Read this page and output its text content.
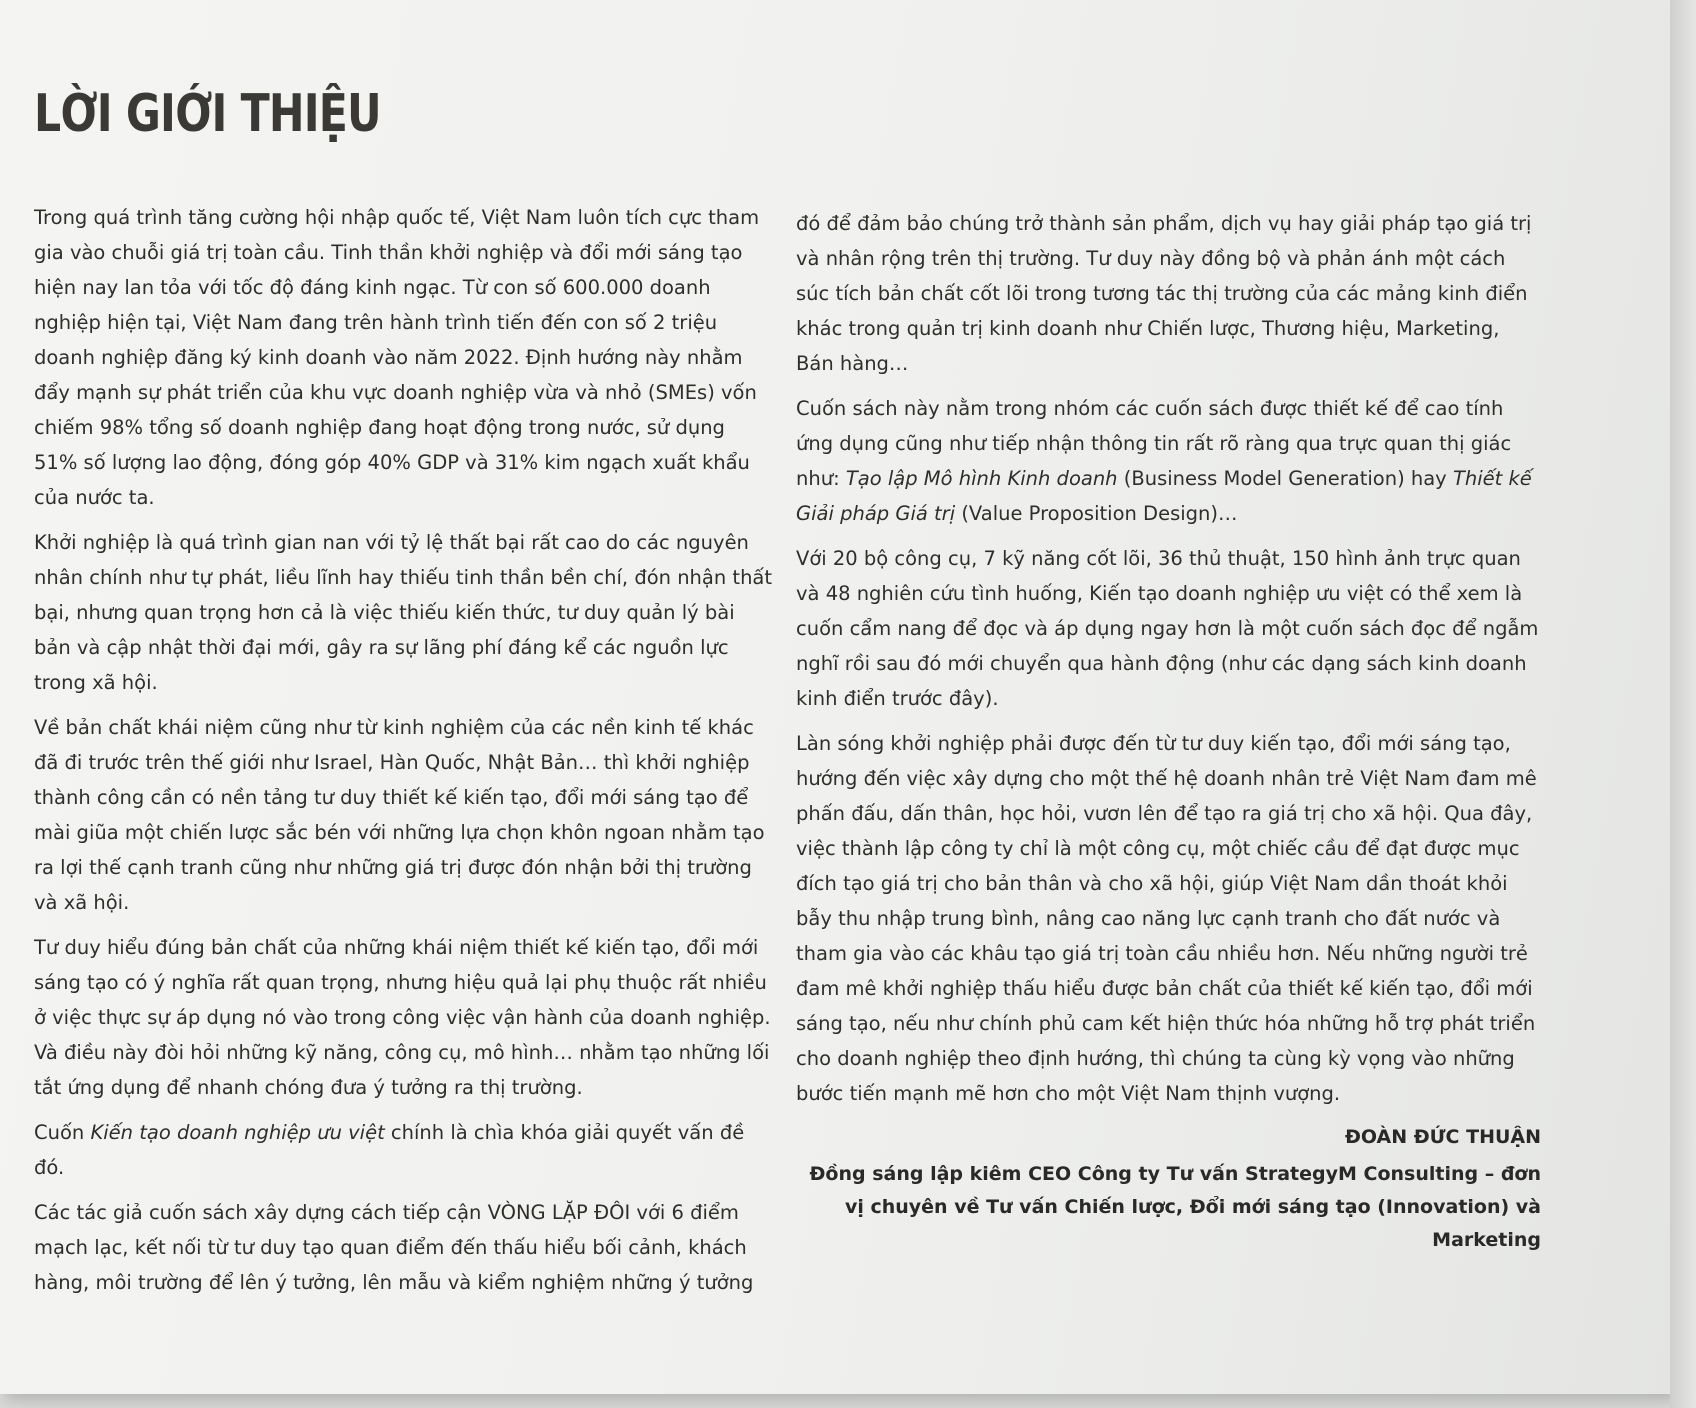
LỜI GIỚI THIỆU

Trong quá trình tăng cường hội nhập quốc tế, Việt Nam luôn tích cực tham gia vào chuỗi giá trị toàn cầu. Tinh thần khởi nghiệp và đổi mới sáng tạo hiện nay lan tỏa với tốc độ đáng kinh ngạc. Từ con số 600.000 doanh nghiệp hiện tại, Việt Nam đang trên hành trình tiến đến con số 2 triệu doanh nghiệp đăng ký kinh doanh vào năm 2022. Định hướng này nhằm đẩy mạnh sự phát triển của khu vực doanh nghiệp vừa và nhỏ (SMEs) vốn chiếm 98% tổng số doanh nghiệp đang hoạt động trong nước, sử dụng 51% số lượng lao động, đóng góp 40% GDP và 31% kim ngạch xuất khẩu của nước ta.

Khởi nghiệp là quá trình gian nan với tỷ lệ thất bại rất cao do các nguyên nhân chính như tự phát, liều lĩnh hay thiếu tinh thần bền chí, đón nhận thất bại, nhưng quan trọng hơn cả là việc thiếu kiến thức, tư duy quản lý bài bản và cập nhật thời đại mới, gây ra sự lãng phí đáng kể các nguồn lực trong xã hội.

Về bản chất khái niệm cũng như từ kinh nghiệm của các nền kinh tế khác đã đi trước trên thế giới như Israel, Hàn Quốc, Nhật Bản… thì khởi nghiệp thành công cần có nền tảng tư duy thiết kế kiến tạo, đổi mới sáng tạo để mài giũa một chiến lược sắc bén với những lựa chọn khôn ngoan nhằm tạo ra lợi thế cạnh tranh cũng như những giá trị được đón nhận bởi thị trường và xã hội.

Tư duy hiểu đúng bản chất của những khái niệm thiết kế kiến tạo, đổi mới sáng tạo có ý nghĩa rất quan trọng, nhưng hiệu quả lại phụ thuộc rất nhiều ở việc thực sự áp dụng nó vào trong công việc vận hành của doanh nghiệp. Và điều này đòi hỏi những kỹ năng, công cụ, mô hình… nhằm tạo những lối tắt ứng dụng để nhanh chóng đưa ý tưởng ra thị trường.

Cuốn Kiến tạo doanh nghiệp ưu việt chính là chìa khóa giải quyết vấn đề đó.

Các tác giả cuốn sách xây dựng cách tiếp cận VÒNG LẶP ĐÔI với 6 điểm mạch lạc, kết nối từ tư duy tạo quan điểm đến thấu hiểu bối cảnh, khách hàng, môi trường để lên ý tưởng, lên mẫu và kiểm nghiệm những ý tưởng

đó để đảm bảo chúng trở thành sản phẩm, dịch vụ hay giải pháp tạo giá trị và nhân rộng trên thị trường. Tư duy này đồng bộ và phản ánh một cách súc tích bản chất cốt lõi trong tương tác thị trường của các mảng kinh điển khác trong quản trị kinh doanh như Chiến lược, Thương hiệu, Marketing, Bán hàng…

Cuốn sách này nằm trong nhóm các cuốn sách được thiết kế để cao tính ứng dụng cũng như tiếp nhận thông tin rất rõ ràng qua trực quan thị giác như: Tạo lập Mô hình Kinh doanh (Business Model Generation) hay Thiết kế Giải pháp Giá trị (Value Proposition Design)…

Với 20 bộ công cụ, 7 kỹ năng cốt lõi, 36 thủ thuật, 150 hình ảnh trực quan và 48 nghiên cứu tình huống, Kiến tạo doanh nghiệp ưu việt có thể xem là cuốn cẩm nang để đọc và áp dụng ngay hơn là một cuốn sách đọc để ngẫm nghĩ rồi sau đó mới chuyển qua hành động (như các dạng sách kinh doanh kinh điển trước đây).

Làn sóng khởi nghiệp phải được đến từ tư duy kiến tạo, đổi mới sáng tạo, hướng đến việc xây dựng cho một thế hệ doanh nhân trẻ Việt Nam đam mê phấn đấu, dấn thân, học hỏi, vươn lên để tạo ra giá trị cho xã hội. Qua đây, việc thành lập công ty chỉ là một công cụ, một chiếc cầu để đạt được mục đích tạo giá trị cho bản thân và cho xã hội, giúp Việt Nam dần thoát khỏi bẫy thu nhập trung bình, nâng cao năng lực cạnh tranh cho đất nước và tham gia vào các khâu tạo giá trị toàn cầu nhiều hơn. Nếu những người trẻ đam mê khởi nghiệp thấu hiểu được bản chất của thiết kế kiến tạo, đổi mới sáng tạo, nếu như chính phủ cam kết hiện thức hóa những hỗ trợ phát triển cho doanh nghiệp theo định hướng, thì chúng ta cùng kỳ vọng vào những bước tiến mạnh mẽ hơn cho một Việt Nam thịnh vượng.

ĐOÀN ĐỨC THUẬN
Đồng sáng lập kiêm CEO Công ty Tư vấn StrategyM Consulting – đơn vị chuyên về Tư vấn Chiến lược, Đổi mới sáng tạo (Innovation) và Marketing
